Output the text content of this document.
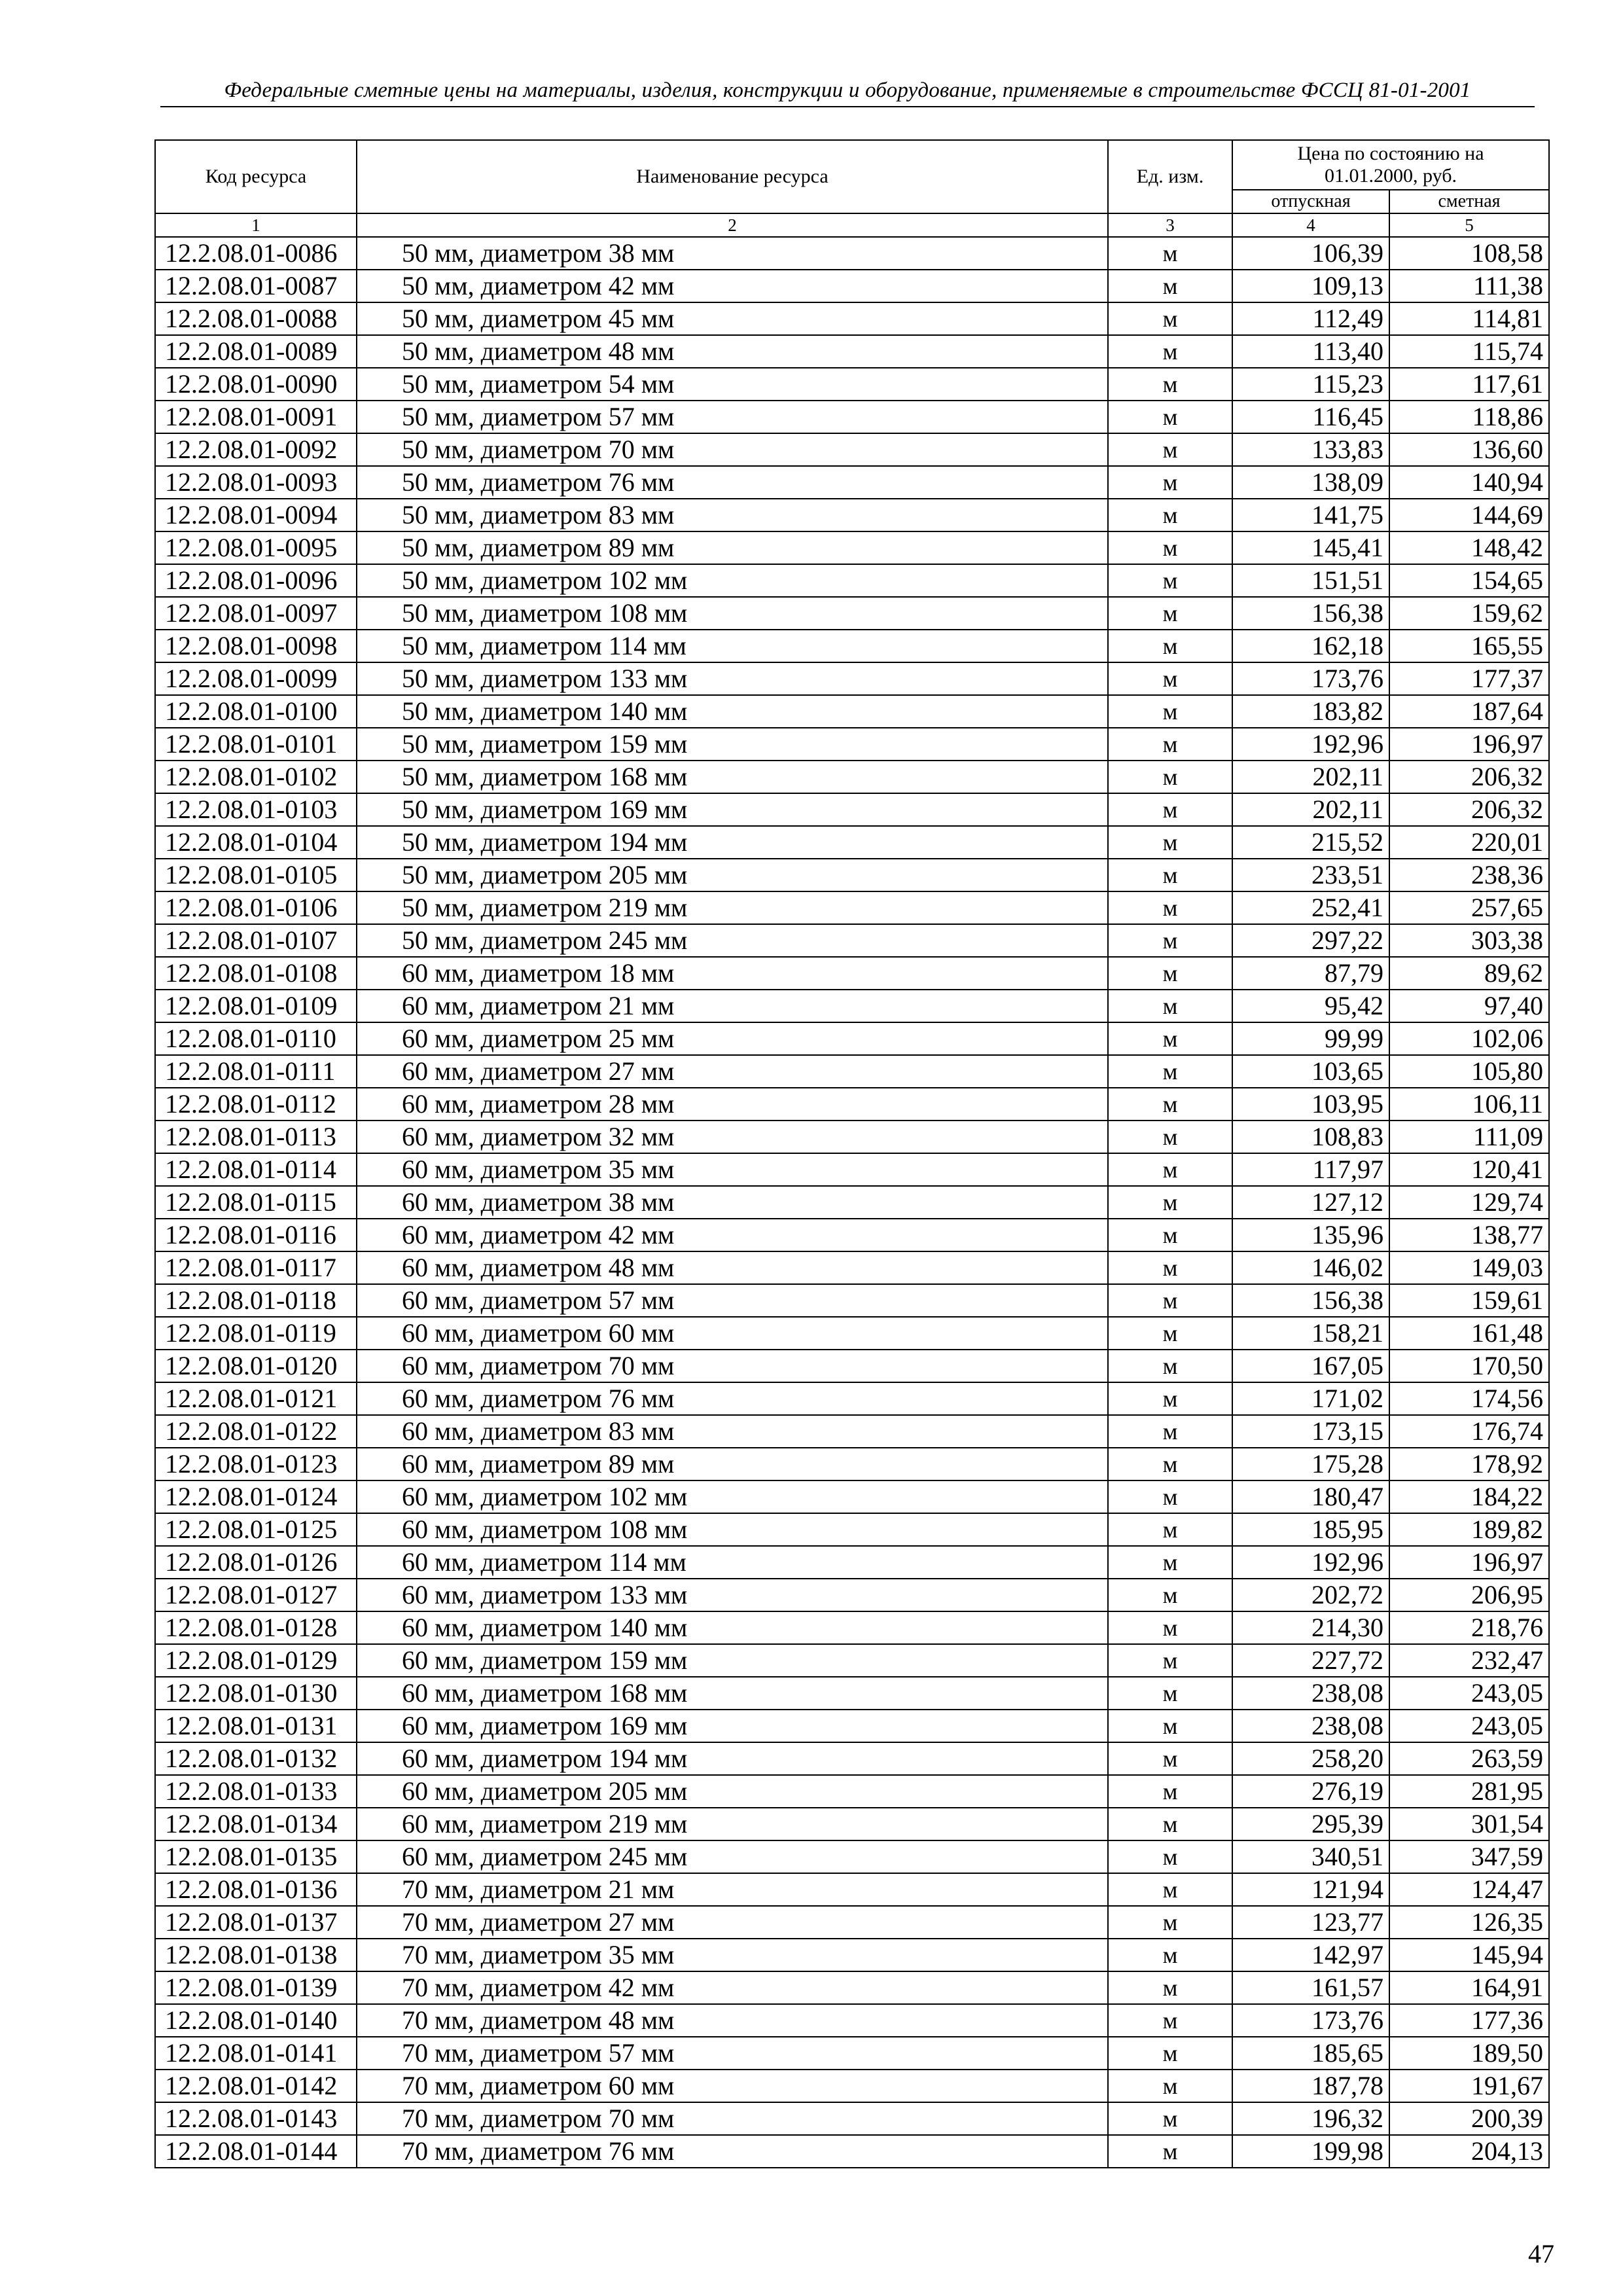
Федеральные сметные цены на материалы, изделия, конструкции и оборудование, применяемые в строительстве ФССЦ 81-01-2001
Код ресурса	Наименование ресурса	Ед. изм.	Цена по состоянию на 01.01.2000, руб.	
			отпускная	сметная
1	2	3	4	5
12.2.08.01-0086	50 мм, диаметром 38 мм	м	106,39	108,58
12.2.08.01-0087	50 мм, диаметром 42 мм	м	109,13	111,38
12.2.08.01-0088	50 мм, диаметром 45 мм	м	112,49	114,81
12.2.08.01-0089	50 мм, диаметром 48 мм	м	113,40	115,74
12.2.08.01-0090	50 мм, диаметром 54 мм	м	115,23	117,61
12.2.08.01-0091	50 мм, диаметром 57 мм	м	116,45	118,86
12.2.08.01-0092	50 мм, диаметром 70 мм	м	133,83	136,60
12.2.08.01-0093	50 мм, диаметром 76 мм	м	138,09	140,94
12.2.08.01-0094	50 мм, диаметром 83 мм	м	141,75	144,69
12.2.08.01-0095	50 мм, диаметром 89 мм	м	145,41	148,42
12.2.08.01-0096	50 мм, диаметром 102 мм	м	151,51	154,65
12.2.08.01-0097	50 мм, диаметром 108 мм	м	156,38	159,62
12.2.08.01-0098	50 мм, диаметром 114 мм	м	162,18	165,55
12.2.08.01-0099	50 мм, диаметром 133 мм	м	173,76	177,37
12.2.08.01-0100	50 мм, диаметром 140 мм	м	183,82	187,64
12.2.08.01-0101	50 мм, диаметром 159 мм	м	192,96	196,97
12.2.08.01-0102	50 мм, диаметром 168 мм	м	202,11	206,32
12.2.08.01-0103	50 мм, диаметром 169 мм	м	202,11	206,32
12.2.08.01-0104	50 мм, диаметром 194 мм	м	215,52	220,01
12.2.08.01-0105	50 мм, диаметром 205 мм	м	233,51	238,36
12.2.08.01-0106	50 мм, диаметром 219 мм	м	252,41	257,65
12.2.08.01-0107	50 мм, диаметром 245 мм	м	297,22	303,38
12.2.08.01-0108	60 мм, диаметром 18 мм	м	87,79	89,62
12.2.08.01-0109	60 мм, диаметром 21 мм	м	95,42	97,40
12.2.08.01-0110	60 мм, диаметром 25 мм	м	99,99	102,06
12.2.08.01-0111	60 мм, диаметром 27 мм	м	103,65	105,80
12.2.08.01-0112	60 мм, диаметром 28 мм	м	103,95	106,11
12.2.08.01-0113	60 мм, диаметром 32 мм	м	108,83	111,09
12.2.08.01-0114	60 мм, диаметром 35 мм	м	117,97	120,41
12.2.08.01-0115	60 мм, диаметром 38 мм	м	127,12	129,74
12.2.08.01-0116	60 мм, диаметром 42 мм	м	135,96	138,77
12.2.08.01-0117	60 мм, диаметром 48 мм	м	146,02	149,03
12.2.08.01-0118	60 мм, диаметром 57 мм	м	156,38	159,61
12.2.08.01-0119	60 мм, диаметром 60 мм	м	158,21	161,48
12.2.08.01-0120	60 мм, диаметром 70 мм	м	167,05	170,50
12.2.08.01-0121	60 мм, диаметром 76 мм	м	171,02	174,56
12.2.08.01-0122	60 мм, диаметром 83 мм	м	173,15	176,74
12.2.08.01-0123	60 мм, диаметром 89 мм	м	175,28	178,92
12.2.08.01-0124	60 мм, диаметром 102 мм	м	180,47	184,22
12.2.08.01-0125	60 мм, диаметром 108 мм	м	185,95	189,82
12.2.08.01-0126	60 мм, диаметром 114 мм	м	192,96	196,97
12.2.08.01-0127	60 мм, диаметром 133 мм	м	202,72	206,95
12.2.08.01-0128	60 мм, диаметром 140 мм	м	214,30	218,76
12.2.08.01-0129	60 мм, диаметром 159 мм	м	227,72	232,47
12.2.08.01-0130	60 мм, диаметром 168 мм	м	238,08	243,05
12.2.08.01-0131	60 мм, диаметром 169 мм	м	238,08	243,05
12.2.08.01-0132	60 мм, диаметром 194 мм	м	258,20	263,59
12.2.08.01-0133	60 мм, диаметром 205 мм	м	276,19	281,95
12.2.08.01-0134	60 мм, диаметром 219 мм	м	295,39	301,54
12.2.08.01-0135	60 мм, диаметром 245 мм	м	340,51	347,59
12.2.08.01-0136	70 мм, диаметром 21 мм	м	121,94	124,47
12.2.08.01-0137	70 мм, диаметром 27 мм	м	123,77	126,35
12.2.08.01-0138	70 мм, диаметром 35 мм	м	142,97	145,94
12.2.08.01-0139	70 мм, диаметром 42 мм	м	161,57	164,91
12.2.08.01-0140	70 мм, диаметром 48 мм	м	173,76	177,36
12.2.08.01-0141	70 мм, диаметром 57 мм	м	185,65	189,50
12.2.08.01-0142	70 мм, диаметром 60 мм	м	187,78	191,67
12.2.08.01-0143	70 мм, диаметром 70 мм	м	196,32	200,39
12.2.08.01-0144	70 мм, диаметром 76 мм	м	199,98	204,13
47
